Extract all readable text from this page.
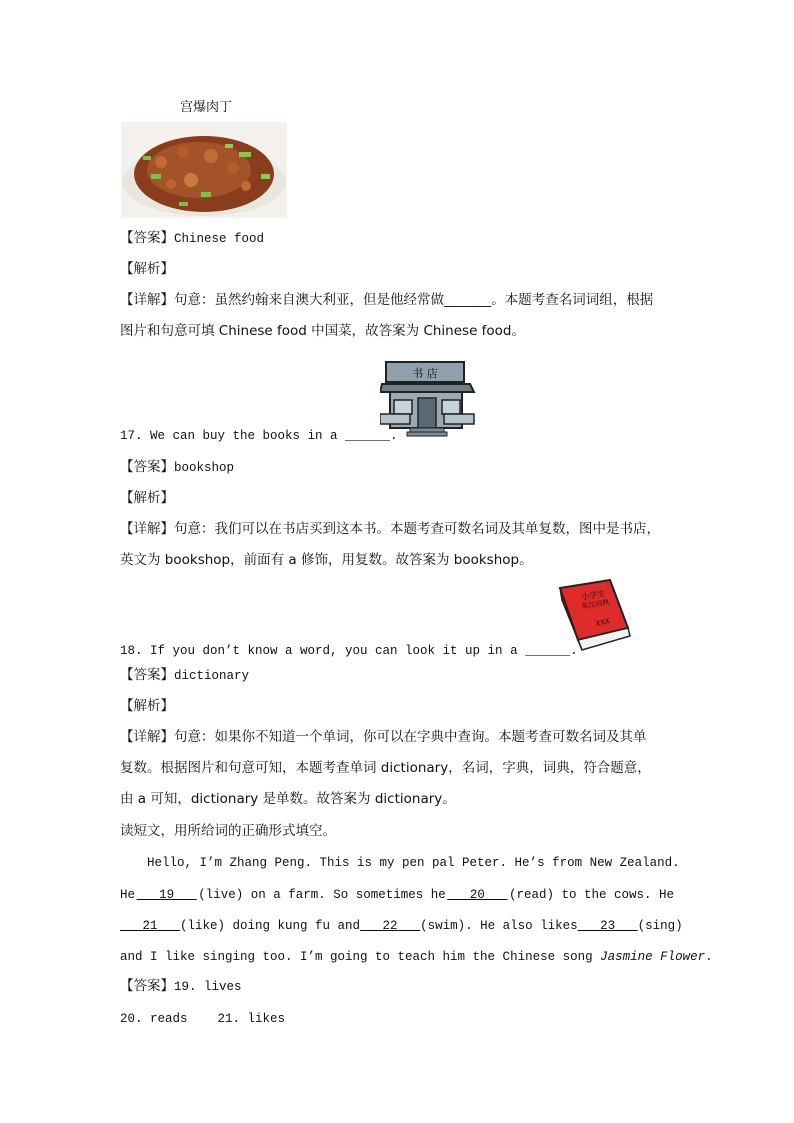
宫爆肉丁
【答案】Chinese food
【解析】
【详解】句意：虽然约翰来自澳大利亚，但是他经常做_______。本题考查名词词组，根据
图片和句意可填 Chinese food 中国菜，故答案为 Chinese food。
书 店
17. We can buy the books in a ______.
【答案】bookshop
【解析】
【详解】句意：我们可以在书店买到这本书。本题考查可数名词及其单复数，图中是书店，
英文为 bookshop，前面有 a 修饰，用复数。故答案为 bookshop。
小学生
英汉词典
XXX
18. If you don’t know a word, you can look it up in a ______.
【答案】dictionary
【解析】
【详解】句意：如果你不知道一个单词，你可以在字典中查询。本题考查可数名词及其单
复数。根据图片和句意可知，本题考查单词 dictionary，名词，字典，词典，符合题意，
由 a 可知，dictionary 是单数。故答案为 dictionary。
读短文，用所给词的正确形式填空。
Hello, I’m Zhang Peng. This is my pen pal Peter. He’s from New Zealand.
He ___19___ (live) on a farm. So sometimes he ___20___ (read) to the cows. He
___21___ (like) doing kung fu and ___22___ (swim). He also likes ___23___ (sing)
and I like singing too. I’m going to teach him the Chinese song Jasmine Flower.
【答案】19. lives
20. reads 21. likes
